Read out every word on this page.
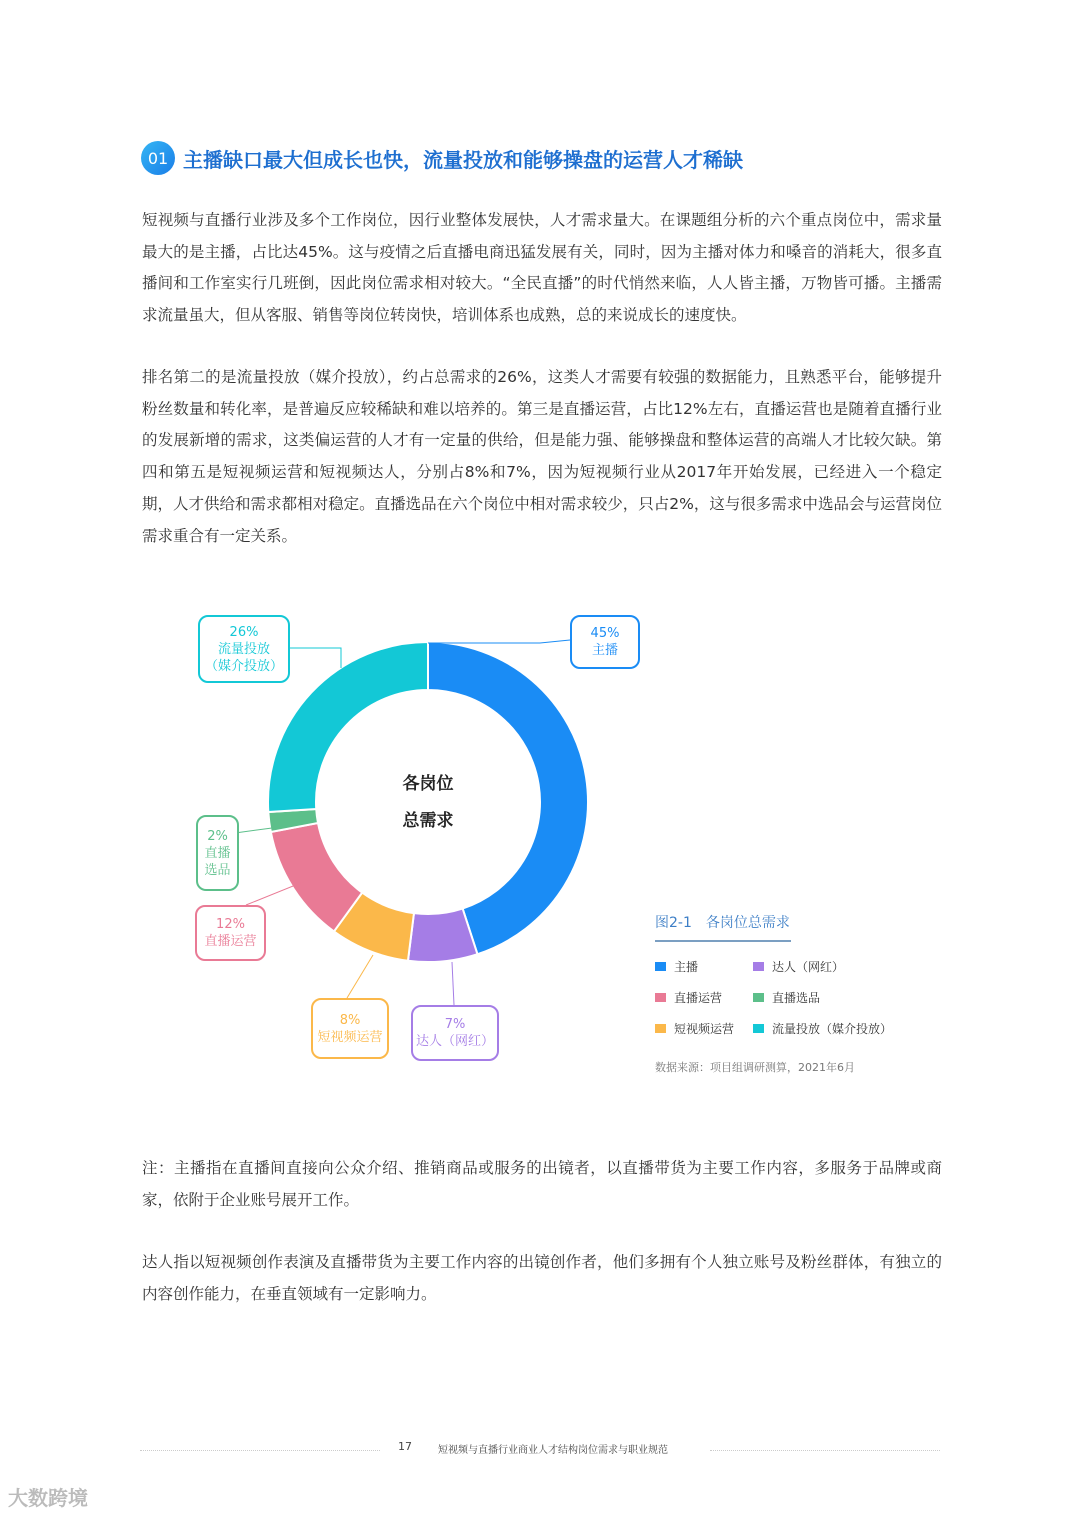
01 主播缺口最大但成长也快，流量投放和能够操盘的运营人才稀缺

短视频与直播行业涉及多个工作岗位，因行业整体发展快，人才需求量大。在课题组分析的六个重点岗位中，需求量最大的是主播，占比达45%。这与疫情之后直播电商迅猛发展有关，同时，因为主播对体力和嗓音的消耗大，很多直播间和工作室实行几班倒，因此岗位需求相对较大。“全民直播”的时代悄然来临，人人皆主播，万物皆可播。主播需求流量虽大，但从客服、销售等岗位转岗快，培训体系也成熟，总的来说成长的速度快。

排名第二的是流量投放（媒介投放），约占总需求的26%，这类人才需要有较强的数据能力，且熟悉平台，能够提升粉丝数量和转化率，是普遍反应较稀缺和难以培养的。第三是直播运营，占比12%左右，直播运营也是随着直播行业的发展新增的需求，这类偏运营的人才有一定量的供给，但是能力强、能够操盘和整体运营的高端人才比较欠缺。第四和第五是短视频运营和短视频达人，分别占8%和7%，因为短视频行业从2017年开始发展，已经进入一个稳定期，人才供给和需求都相对稳定。直播选品在六个岗位中相对需求较少，只占2%，这与很多需求中选品会与运营岗位需求重合有一定关系。

各岗位
总需求
45%
主播
7%
达人（网红）
8%
短视频运营
12%
直播运营
2%
直播
选品
26%
流量投放
（媒介投放）
图2-1　各岗位总需求
主播	达人（网红）
直播运营	直播选品
短视频运营	流量投放（媒介投放）
数据来源：项目组调研测算，2021年6月

注：主播指在直播间直接向公众介绍、推销商品或服务的出镜者，以直播带货为主要工作内容，多服务于品牌或商家，依附于企业账号展开工作。

达人指以短视频创作表演及直播带货为主要工作内容的出镜创作者，他们多拥有个人独立账号及粉丝群体，有独立的内容创作能力，在垂直领域有一定影响力。

17	短视频与直播行业商业人才结构岗位需求与职业规范
大数跨境
